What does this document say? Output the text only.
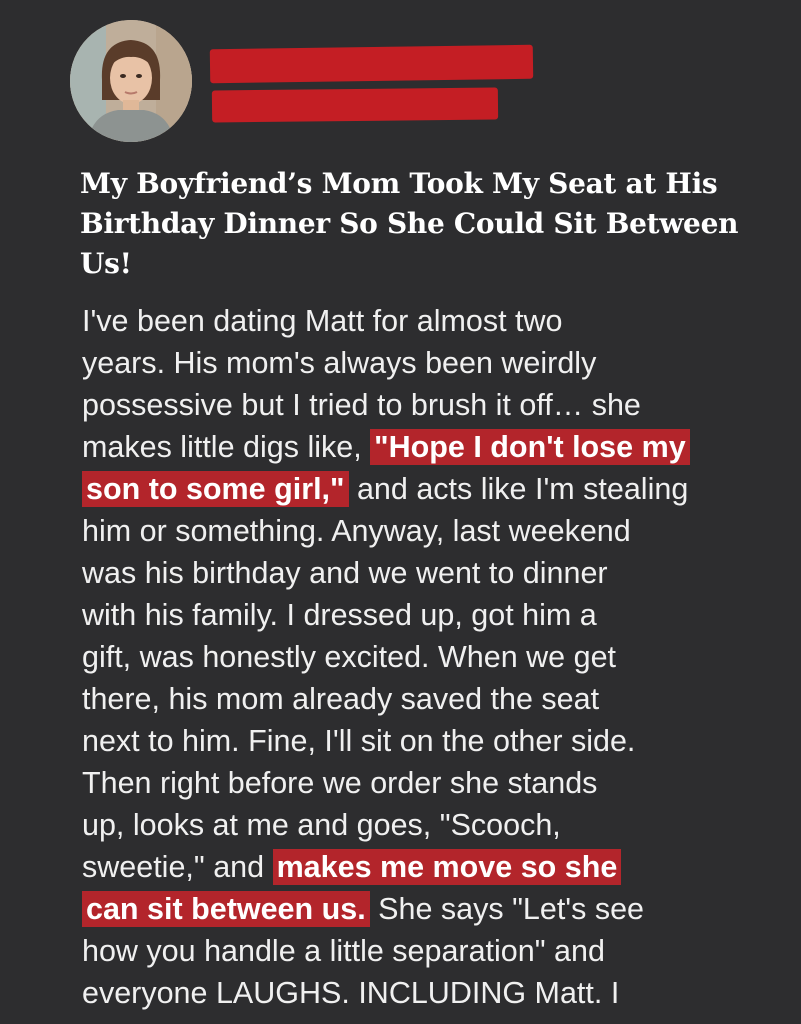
My Boyfriend’s Mom Took My Seat at His Birthday Dinner So She Could Sit Between Us!

I've been dating Matt for almost two
years. His mom's always been weirdly
possessive but I tried to brush it off… she
makes little digs like, "Hope I don't lose my
son to some girl," and acts like I'm stealing
him or something. Anyway, last weekend
was his birthday and we went to dinner
with his family. I dressed up, got him a
gift, was honestly excited. When we get
there, his mom already saved the seat
next to him. Fine, I'll sit on the other side.
Then right before we order she stands
up, looks at me and goes, "Scooch,
sweetie," and makes me move so she
can sit between us. She says "Let's see
how you handle a little separation" and
everyone LAUGHS. INCLUDING Matt. I
